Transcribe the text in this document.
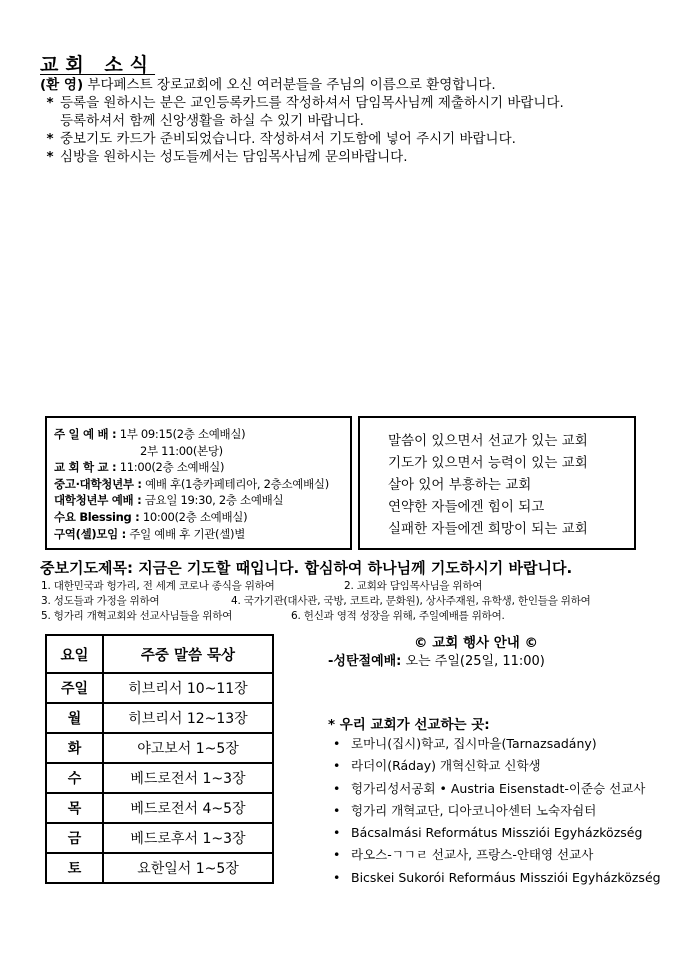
교회 소식
(환 영) 부다페스트 장로교회에 오신 여러분들을 주님의 이름으로 환영합니다.
* 등록을 원하시는 분은 교인등록카드를 작성하셔서 담임목사님께 제출하시기 바랍니다.
등록하셔서 함께 신앙생활을 하실 수 있기 바랍니다.
* 중보기도 카드가 준비되었습니다. 작성하셔서 기도함에 넣어 주시기 바랍니다.
* 심방을 원하시는 성도들께서는 담임목사님께 문의바랍니다.
주 일 예 배 : 1부 09:15(2층 소예배실)
2부 11:00(본당)
교 회 학 교 : 11:00(2층 소예배실)
중고·대학청년부 : 예배 후(1층카페테리아, 2층소예배실)
대학청년부 예배 : 금요일 19:30, 2층 소예배실
수요 Blessing : 10:00(2층 소예배실)
구역(셀)모임 : 주일 예배 후 기관(셀)별
말씀이 있으면서 선교가 있는 교회
기도가 있으면서 능력이 있는 교회
살아 있어 부흥하는 교회
연약한 자들에겐 힘이 되고
실패한 자들에겐 희망이 되는 교회
중보기도제목: 지금은 기도할 때입니다. 합심하여 하나님께 기도하시기 바랍니다.
1. 대한민국과 헝가리, 전 세계 코로나 종식을 위하여	2. 교회와 담임목사님을 위하여
3. 성도들과 가정을 위하여	4. 국가기관(대사관, 국방, 코트라, 문화원), 상사주재원, 유학생, 한인들을 위하여
5. 헝가리 개혁교회와 선교사님들을 위하여	6. 헌신과 영적 성장을 위해, 주일예배를 위하여.
요일	주중 말씀 묵상
주일	히브리서 10~11장
월	히브리서 12~13장
화	야고보서 1~5장
수	베드로전서 1~3장
목	베드로전서 4~5장
금	베드로후서 1~3장
토	요한일서 1~5장
© 교회 행사 안내 ©
-성탄절예배: 오는 주일(25일, 11:00)
* 우리 교회가 선교하는 곳:
• 로마니(집시)학교, 집시마을(Tarnazsadány)
• 라더이(Ráday) 개혁신학교 신학생
• 헝가리성서공회 • Austria Eisenstadt-이준승 선교사
• 헝가리 개혁교단, 디아코니아센터 노숙자쉼터
• Bácsalmási Református Missziói Egyházközség
• 라오스-ㄱㄱㄹ 선교사, 프랑스-안태영 선교사
• Bicskei Sukorói Reformáus Missziói Egyházközség
